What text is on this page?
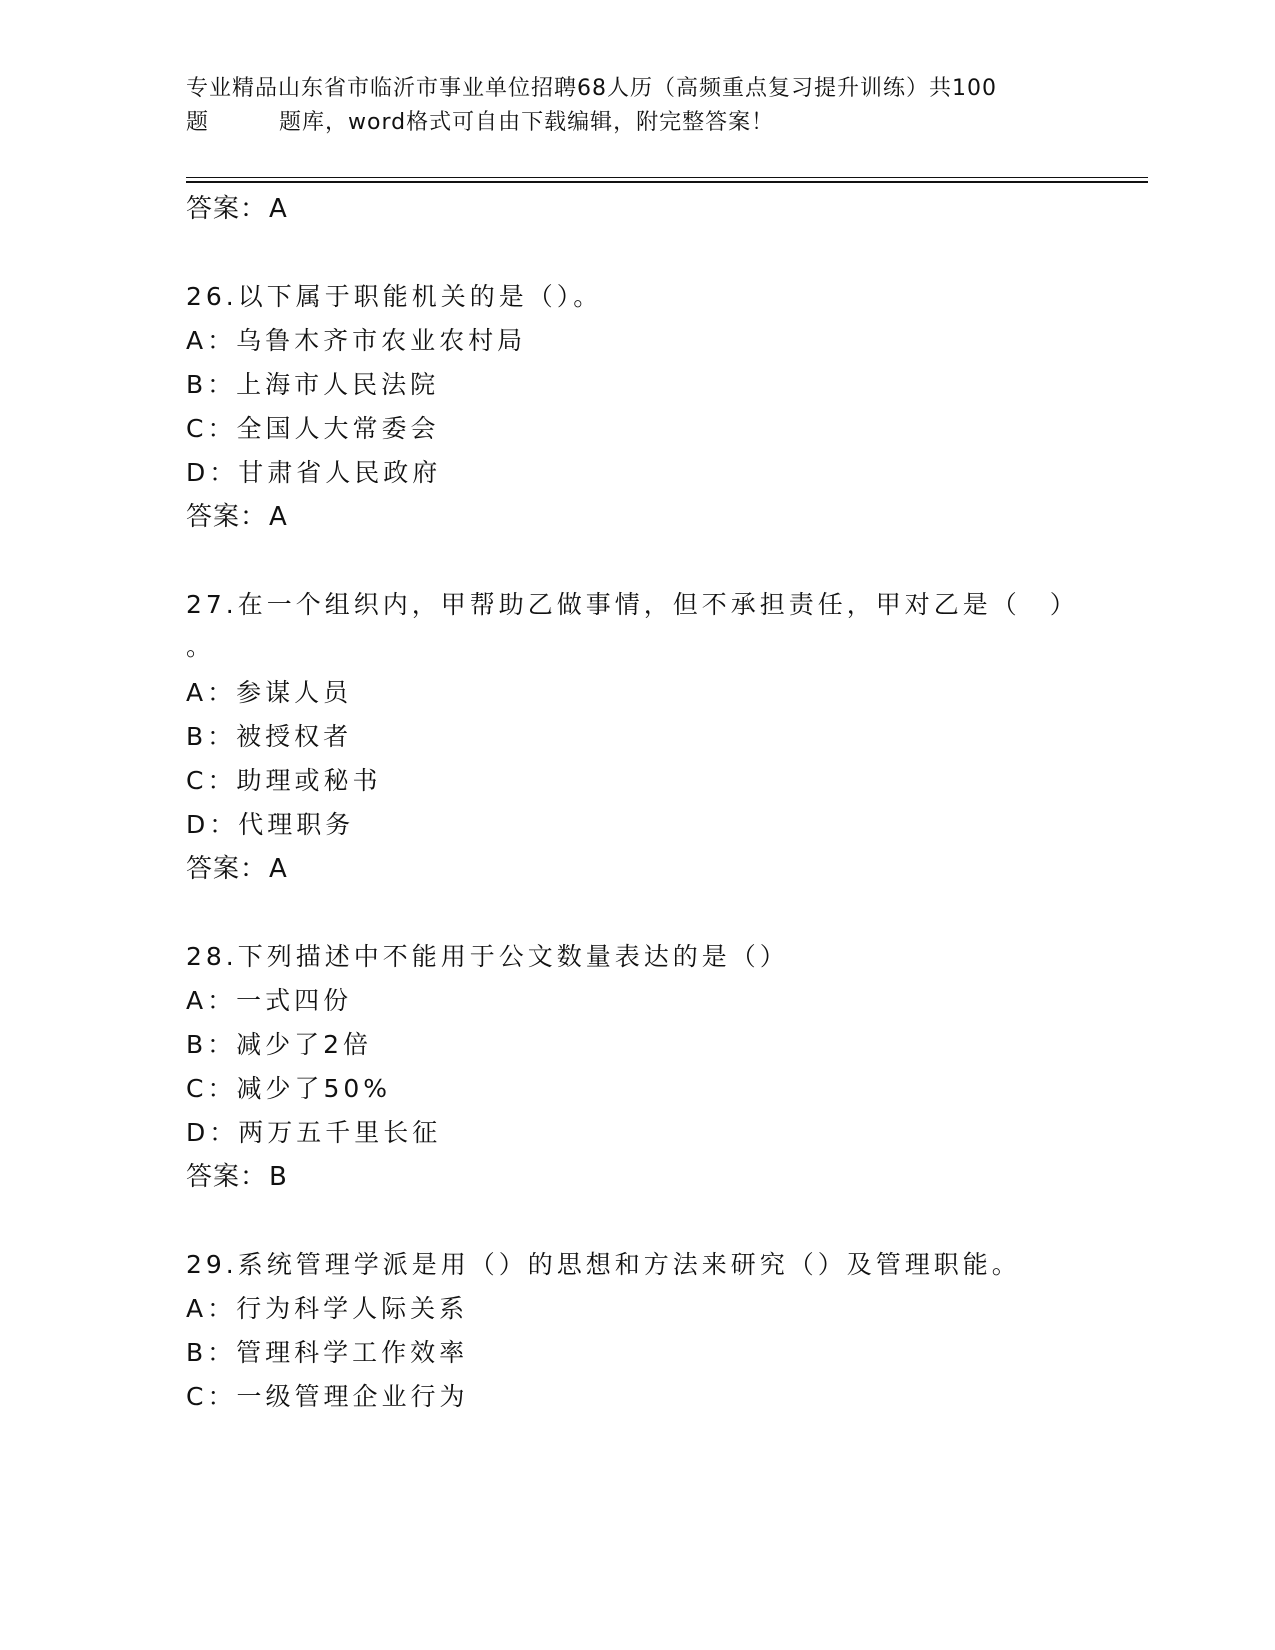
专业精品山东省市临沂市事业单位招聘68人历（高频重点复习提升训练）共100
题	题库，word格式可自由下载编辑，附完整答案！
答案：A
26.以下属于职能机关的是（）。
A：乌鲁木齐市农业农村局
B：上海市人民法院
C：全国人大常委会
D：甘肃省人民政府
答案：A
27.在一个组织内，甲帮助乙做事情，但不承担责任，甲对乙是（　）
。
A：参谋人员
B：被授权者
C：助理或秘书
D：代理职务
答案：A
28.下列描述中不能用于公文数量表达的是（）
A：一式四份
B：减少了2倍
C：减少了50%
D：两万五千里长征
答案：B
29.系统管理学派是用（）的思想和方法来研究（）及管理职能。
A：行为科学人际关系
B：管理科学工作效率
C：一级管理企业行为
